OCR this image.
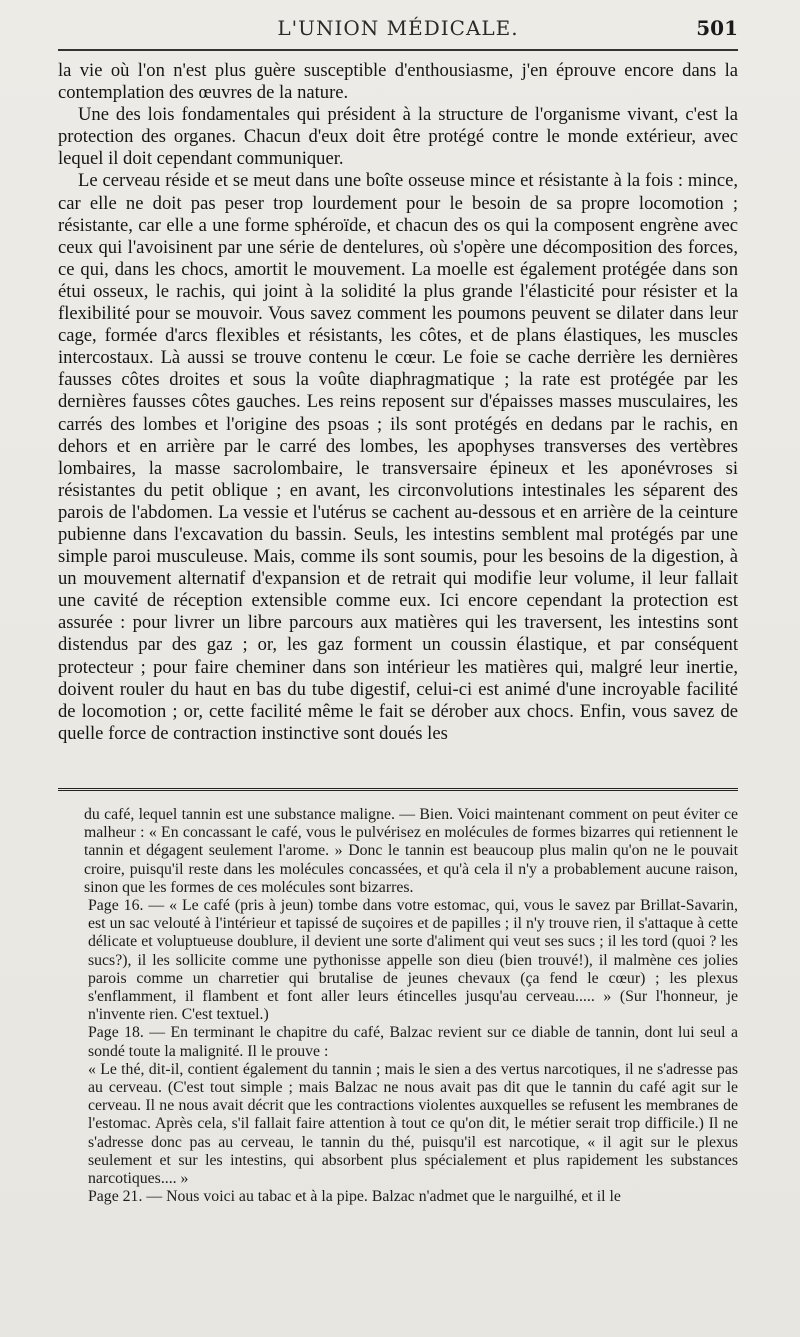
L'UNION MÉDICALE.	501

la vie où l'on n'est plus guère susceptible d'enthousiasme, j'en éprouve encore dans la contemplation des œuvres de la nature.

Une des lois fondamentales qui président à la structure de l'organisme vivant, c'est la protection des organes. Chacun d'eux doit être protégé contre le monde extérieur, avec lequel il doit cependant communiquer.

Le cerveau réside et se meut dans une boîte osseuse mince et résistante à la fois : mince, car elle ne doit pas peser trop lourdement pour le besoin de sa propre locomotion ; résistante, car elle a une forme sphéroïde, et chacun des os qui la composent engrène avec ceux qui l'avoisinent par une série de dentelures, où s'opère une décomposition des forces, ce qui, dans les chocs, amortit le mouvement. La moelle est également protégée dans son étui osseux, le rachis, qui joint à la solidité la plus grande l'élasticité pour résister et la flexibilité pour se mouvoir. Vous savez comment les poumons peuvent se dilater dans leur cage, formée d'arcs flexibles et résistants, les côtes, et de plans élastiques, les muscles intercostaux. Là aussi se trouve contenu le cœur. Le foie se cache derrière les dernières fausses côtes droites et sous la voûte diaphragmatique ; la rate est protégée par les dernières fausses côtes gauches. Les reins reposent sur d'épaisses masses musculaires, les carrés des lombes et l'origine des psoas ; ils sont protégés en dedans par le rachis, en dehors et en arrière par le carré des lombes, les apophyses transverses des vertèbres lombaires, la masse sacrolombaire, le transversaire épineux et les aponévroses si résistantes du petit oblique ; en avant, les circonvolutions intestinales les séparent des parois de l'abdomen. La vessie et l'utérus se cachent au-dessous et en arrière de la ceinture pubienne dans l'excavation du bassin. Seuls, les intestins semblent mal protégés par une simple paroi musculeuse. Mais, comme ils sont soumis, pour les besoins de la digestion, à un mouvement alternatif d'expansion et de retrait qui modifie leur volume, il leur fallait une cavité de réception extensible comme eux. Ici encore cependant la protection est assurée : pour livrer un libre parcours aux matières qui les traversent, les intestins sont distendus par des gaz ; or, les gaz forment un coussin élastique, et par conséquent protecteur ; pour faire cheminer dans son intérieur les matières qui, malgré leur inertie, doivent rouler du haut en bas du tube digestif, celui-ci est animé d'une incroyable facilité de locomotion ; or, cette facilité même le fait se dérober aux chocs. Enfin, vous savez de quelle force de contraction instinctive sont doués les

du café, lequel tannin est une substance maligne. — Bien. Voici maintenant comment on peut éviter ce malheur : « En concassant le café, vous le pulvérisez en molécules de formes bizarres qui retiennent le tannin et dégagent seulement l'arome. » Donc le tannin est beaucoup plus malin qu'on ne le pouvait croire, puisqu'il reste dans les molécules concassées, et qu'à cela il n'y a probablement aucune raison, sinon que les formes de ces molécules sont bizarres.

Page 16. — « Le café (pris à jeun) tombe dans votre estomac, qui, vous le savez par Brillat-Savarin, est un sac velouté à l'intérieur et tapissé de suçoires et de papilles ; il n'y trouve rien, il s'attaque à cette délicate et voluptueuse doublure, il devient une sorte d'aliment qui veut ses sucs ; il les tord (quoi ? les sucs?), il les sollicite comme une pythonisse appelle son dieu (bien trouvé!), il malmène ces jolies parois comme un charretier qui brutalise de jeunes chevaux (ça fend le cœur) ; les plexus s'enflamment, il flambent et font aller leurs étincelles jusqu'au cerveau..... » (Sur l'honneur, je n'invente rien. C'est textuel.)

Page 18. — En terminant le chapitre du café, Balzac revient sur ce diable de tannin, dont lui seul a sondé toute la malignité. Il le prouve :

« Le thé, dit-il, contient également du tannin ; mais le sien a des vertus narcotiques, il ne s'adresse pas au cerveau. (C'est tout simple ; mais Balzac ne nous avait pas dit que le tannin du café agit sur le cerveau. Il ne nous avait décrit que les contractions violentes auxquelles se refusent les membranes de l'estomac. Après cela, s'il fallait faire attention à tout ce qu'on dit, le métier serait trop difficile.) Il ne s'adresse donc pas au cerveau, le tannin du thé, puisqu'il est narcotique, « il agit sur le plexus seulement et sur les intestins, qui absorbent plus spécialement et plus rapidement les substances narcotiques.... »

Page 21. — Nous voici au tabac et à la pipe. Balzac n'admet que le narguilhé, et il le
